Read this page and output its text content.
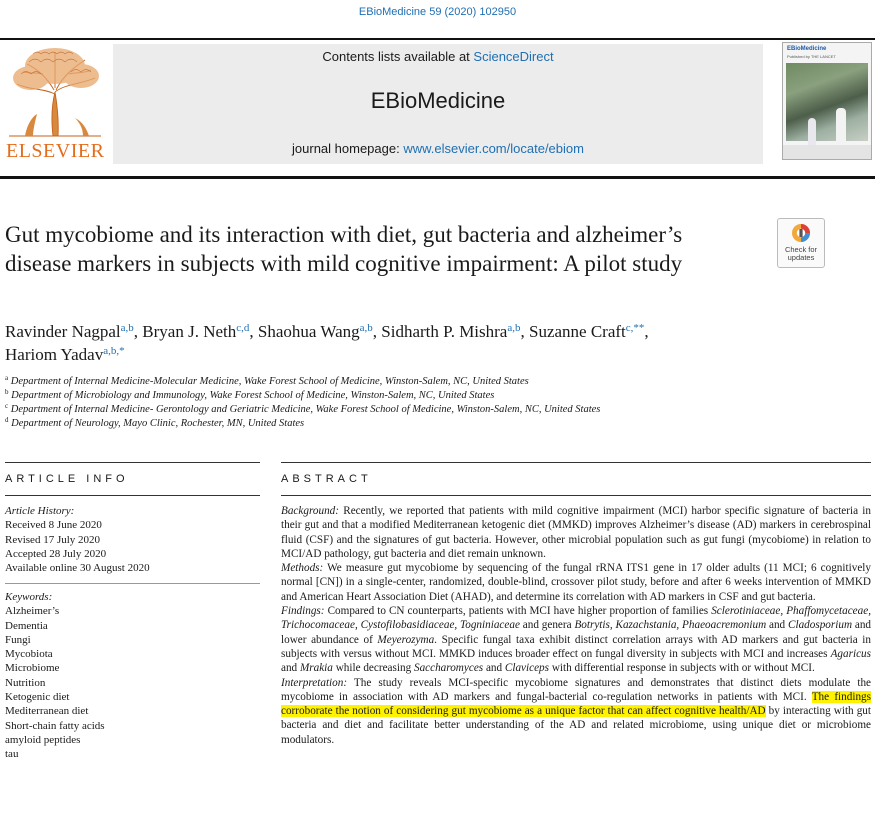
EBioMedicine 59 (2020) 102950
ELSEVIER
Contents lists available at ScienceDirect
EBioMedicine
journal homepage: www.elsevier.com/locate/ebiom
EBioMedicine
Published by THE LANCET
Gut mycobiome and its interaction with diet, gut bacteria and alzheimer’s disease markers in subjects with mild cognitive impairment: A pilot study
Check for
updates
Ravinder Nagpal$^{a,b}$, Bryan J. Neth$^{c,d}$, Shaohua Wang$^{a,b}$, Sidharth P. Mishra$^{a,b}$, Suzanne Craft$^{c,**}$,
Hariom Yadav$^{a,b,*}$
$^a$ Department of Internal Medicine-Molecular Medicine, Wake Forest School of Medicine, Winston-Salem, NC, United States
$^b$ Department of Microbiology and Immunology, Wake Forest School of Medicine, Winston-Salem, NC, United States
$^c$ Department of Internal Medicine- Gerontology and Geriatric Medicine, Wake Forest School of Medicine, Winston-Salem, NC, United States
$^d$ Department of Neurology, Mayo Clinic, Rochester, MN, United States
ARTICLE INFO	ABSTRACT
Article History:
Received 8 June 2020
Revised 17 July 2020
Accepted 28 July 2020
Available online 30 August 2020
Keywords:
Alzheimer’s
Dementia
Fungi
Mycobiota
Microbiome
Nutrition
Ketogenic diet
Mediterranean diet
Short-chain fatty acids
amyloid peptides
tau

Background: Recently, we reported that patients with mild cognitive impairment (MCI) harbor specific signature of bacteria in their gut and that a modified Mediterranean ketogenic diet (MMKD) improves Alzheimer’s disease (AD) markers in cerebrospinal fluid (CSF) and the signatures of gut bacteria. However, other microbial population such as gut fungi (mycobiome) in relation to MCI/AD pathology, gut bacteria and diet remain unknown.

Methods: We measure gut mycobiome by sequencing of the fungal rRNA ITS1 gene in 17 older adults (11 MCI; 6 cognitively normal [CN]) in a single-center, randomized, double-blind, crossover pilot study, before and after 6 weeks intervention of MMKD and American Heart Association Diet (AHAD), and determine its correlation with AD markers in CSF and gut bacteria.

Findings: Compared to CN counterparts, patients with MCI have higher proportion of families Sclerotiniaceae, Phaffomycetaceae, Trichocomaceae, Cystofilobasidiaceae, Togniniaceae and genera Botrytis, Kazachstania, Phaeoacremonium and Cladosporium and lower abundance of Meyerozyma. Specific fungal taxa exhibit distinct correlation arrays with AD markers and gut bacteria in subjects with versus without MCI. MMKD induces broader effect on fungal diversity in subjects with MCI and increases Agaricus and Mrakia while decreasing Saccharomyces and Claviceps with differential response in subjects with or without MCI.

Interpretation: The study reveals MCI-specific mycobiome signatures and demonstrates that distinct diets modulate the mycobiome in association with AD markers and fungal-bacterial co-regulation networks in patients with MCI. The findings corroborate the notion of considering gut mycobiome as a unique factor that can affect cognitive health/AD by interacting with gut bacteria and diet and facilitate better understanding of the AD and related microbiome, using unique diet or microbiome modulators.
